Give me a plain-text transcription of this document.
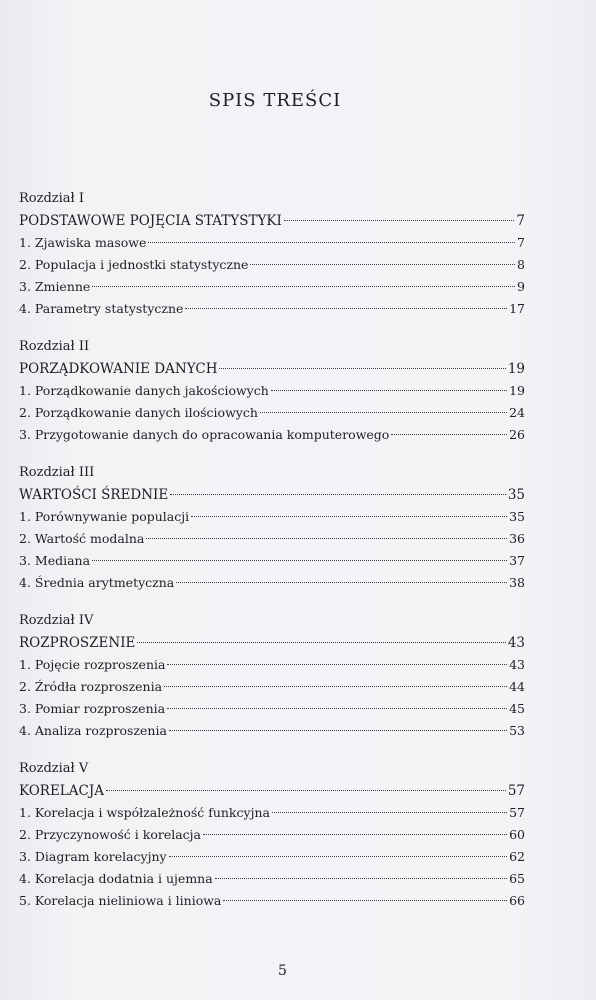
SPIS TREŚCI
Rozdział I
PODSTAWOWE POJĘCIA STATYSTYKI	7
1. Zjawiska masowe	7
2. Populacja i jednostki statystyczne	8
3. Zmienne	9
4. Parametry statystyczne	17
Rozdział II
PORZĄDKOWANIE DANYCH	19
1. Porządkowanie danych jakościowych	19
2. Porządkowanie danych ilościowych	24
3. Przygotowanie danych do opracowania komputerowego	26
Rozdział III
WARTOŚCI ŚREDNIE	35
1. Porównywanie populacji	35
2. Wartość modalna	36
3. Mediana	37
4. Średnia arytmetyczna	38
Rozdział IV
ROZPROSZENIE	43
1. Pojęcie rozproszenia	43
2. Źródła rozproszenia	44
3. Pomiar rozproszenia	45
4. Analiza rozproszenia	53
Rozdział V
KORELACJA	57
1. Korelacja i współzależność funkcyjna	57
2. Przyczynowość i korelacja	60
3. Diagram korelacyjny	62
4. Korelacja dodatnia i ujemna	65
5. Korelacja nieliniowa i liniowa	66
5
